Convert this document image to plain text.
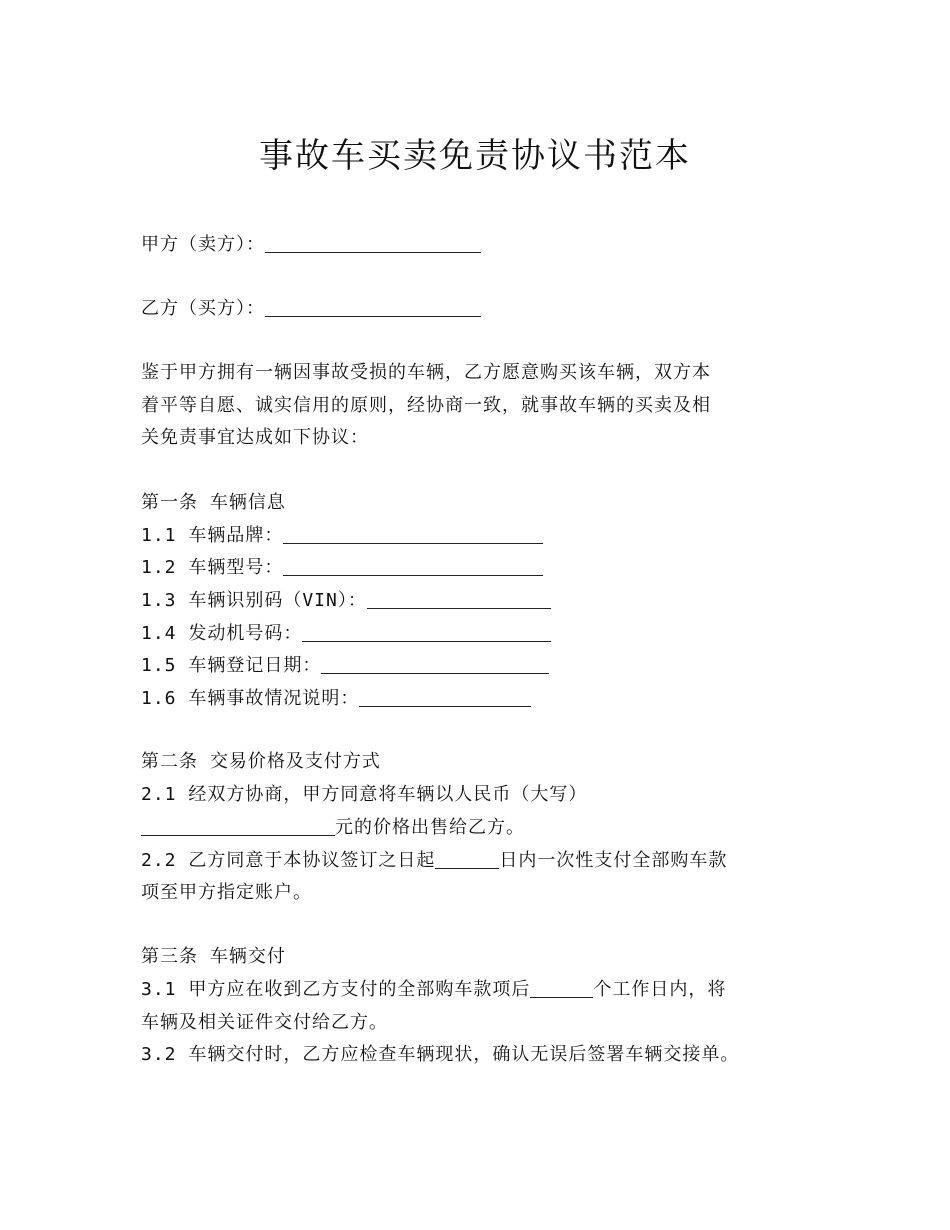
事故车买卖免责协议书范本
甲方（卖方）：
乙方（买方）：
鉴于甲方拥有一辆因事故受损的车辆，乙方愿意购买该车辆，双方本
着平等自愿、诚实信用的原则，经协商一致，就事故车辆的买卖及相
关免责事宜达成如下协议：
第一条 车辆信息
1.1 车辆品牌：
1.2 车辆型号：
1.3 车辆识别码（VIN）：
1.4 发动机号码：
1.5 车辆登记日期：
1.6 车辆事故情况说明：
第二条 交易价格及支付方式
2.1 经双方协商，甲方同意将车辆以人民币（大写）
元的价格出售给乙方。
2.2 乙方同意于本协议签订之日起	日内一次性支付全部购车款
项至甲方指定账户。
第三条 车辆交付
3.1 甲方应在收到乙方支付的全部购车款项后	个工作日内，将
车辆及相关证件交付给乙方。
3.2 车辆交付时，乙方应检查车辆现状，确认无误后签署车辆交接单。
